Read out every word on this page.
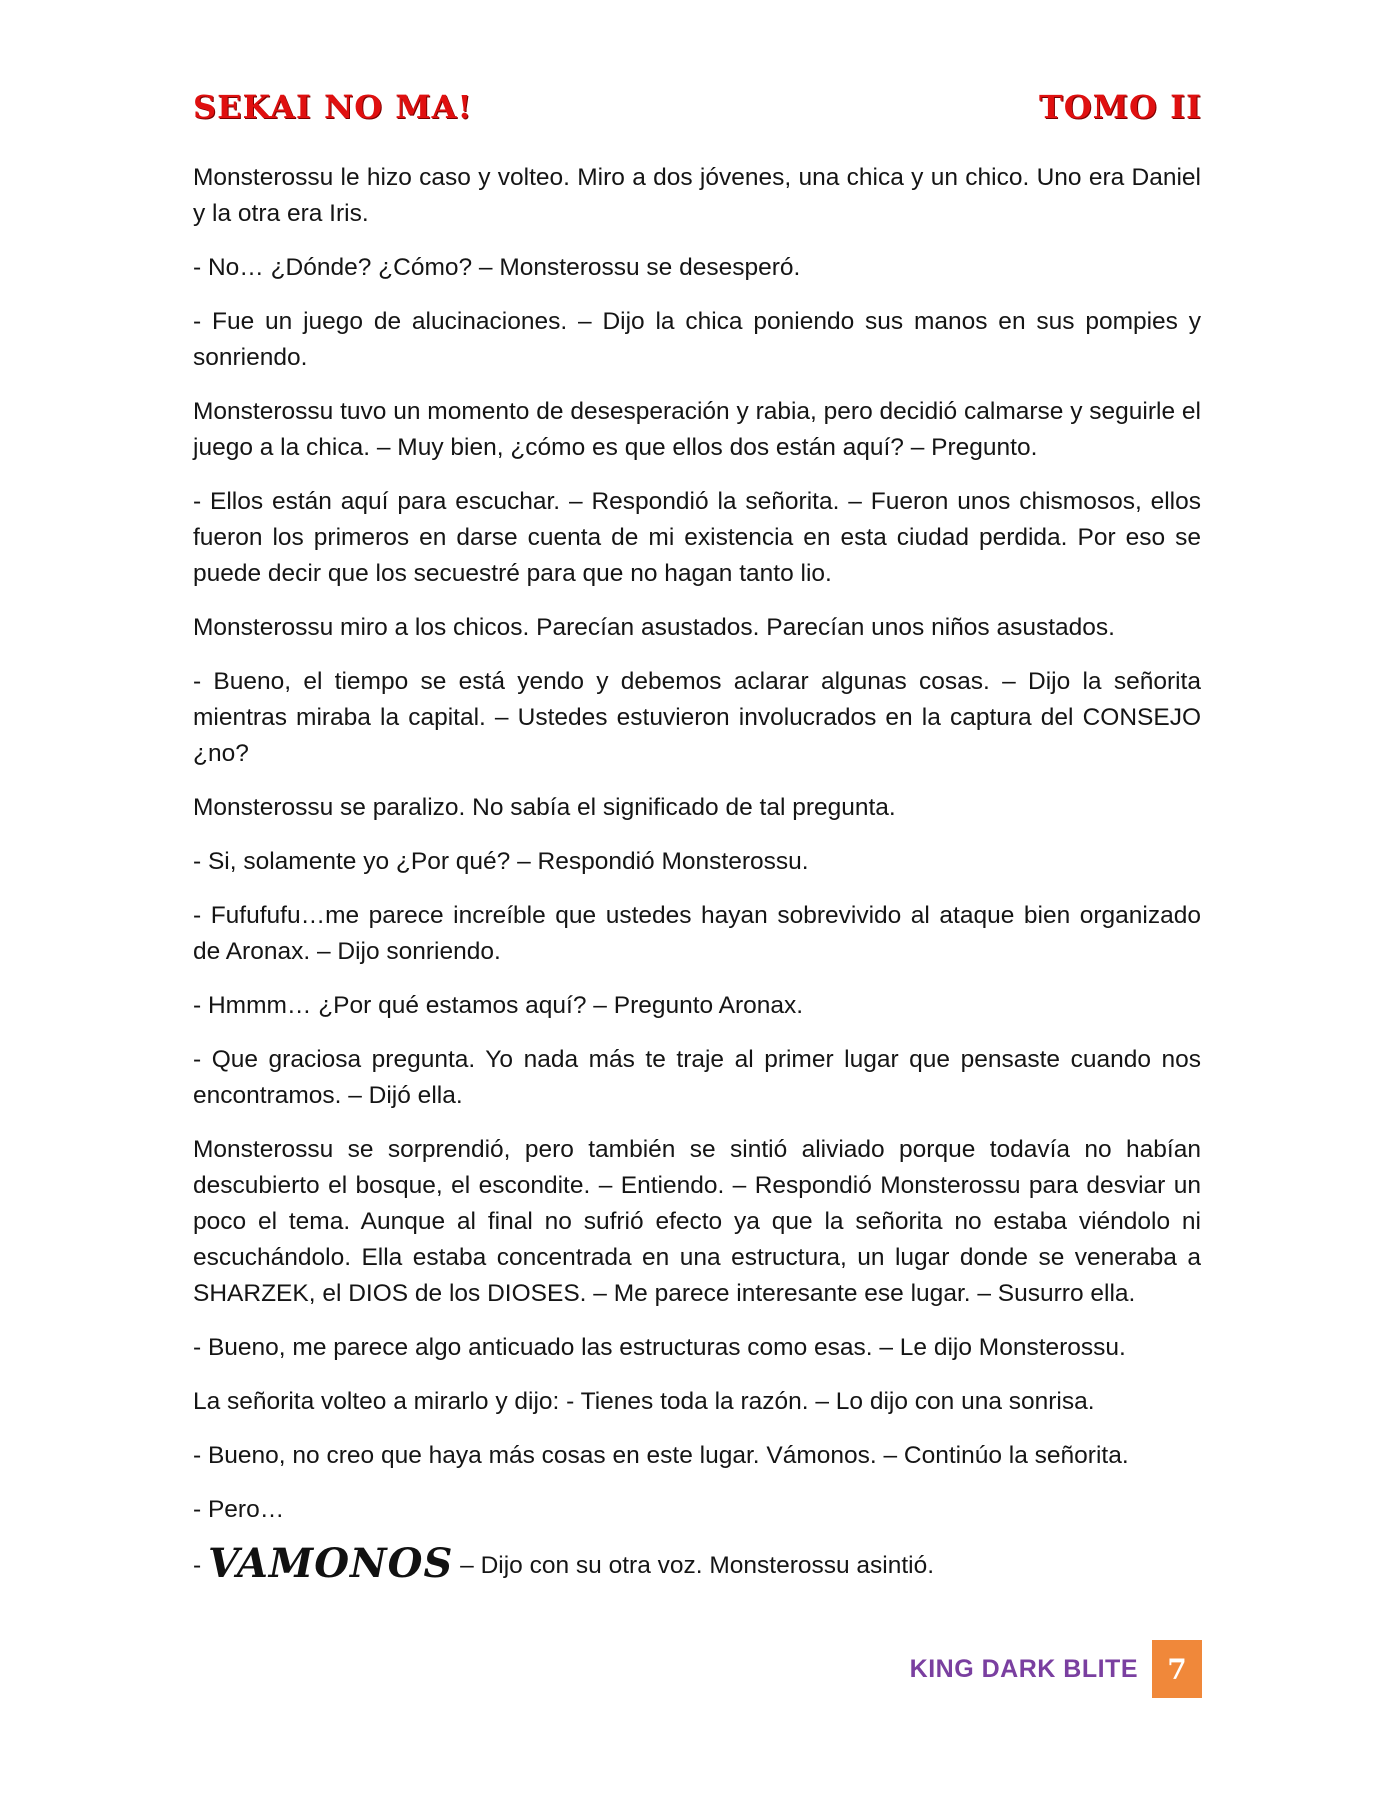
SEKAI NO MA!	TOMO II

Monsterossu le hizo caso y volteo. Miro a dos jóvenes, una chica y un chico. Uno era Daniel y la otra era Iris.

- No… ¿Dónde? ¿Cómo? – Monsterossu se desesperó.

- Fue un juego de alucinaciones. – Dijo la chica poniendo sus manos en sus pompies y sonriendo.

Monsterossu tuvo un momento de desesperación y rabia, pero decidió calmarse y seguirle el juego a la chica. – Muy bien, ¿cómo es que ellos dos están aquí? – Pregunto.

- Ellos están aquí para escuchar. – Respondió la señorita. – Fueron unos chismosos, ellos fueron los primeros en darse cuenta de mi existencia en esta ciudad perdida. Por eso se puede decir que los secuestré para que no hagan tanto lio.

Monsterossu miro a los chicos. Parecían asustados. Parecían unos niños asustados.

- Bueno, el tiempo se está yendo y debemos aclarar algunas cosas. – Dijo la señorita mientras miraba la capital. – Ustedes estuvieron involucrados en la captura del CONSEJO ¿no?

Monsterossu se paralizo. No sabía el significado de tal pregunta.

- Si, solamente yo ¿Por qué? – Respondió Monsterossu.

- Fufufufu…me parece increíble que ustedes hayan sobrevivido al ataque bien organizado de Aronax. – Dijo sonriendo.

- Hmmm… ¿Por qué estamos aquí? – Pregunto Aronax.

- Que graciosa pregunta. Yo nada más te traje al primer lugar que pensaste cuando nos encontramos. – Dijó ella.

Monsterossu se sorprendió, pero también se sintió aliviado porque todavía no habían descubierto el bosque, el escondite. – Entiendo. – Respondió Monsterossu para desviar un poco el tema. Aunque al final no sufrió efecto ya que la señorita no estaba viéndolo ni escuchándolo. Ella estaba concentrada en una estructura, un lugar donde se veneraba a SHARZEK, el DIOS de los DIOSES. – Me parece interesante ese lugar. – Susurro ella.

- Bueno, me parece algo anticuado las estructuras como esas. – Le dijo Monsterossu.

La señorita volteo a mirarlo y dijo: - Tienes toda la razón. – Lo dijo con una sonrisa.

- Bueno, no creo que haya más cosas en este lugar. Vámonos. – Continúo la señorita.

- Pero…

- VAMONOS – Dijo con su otra voz. Monsterossu asintió.

KING DARK BLITE	7
